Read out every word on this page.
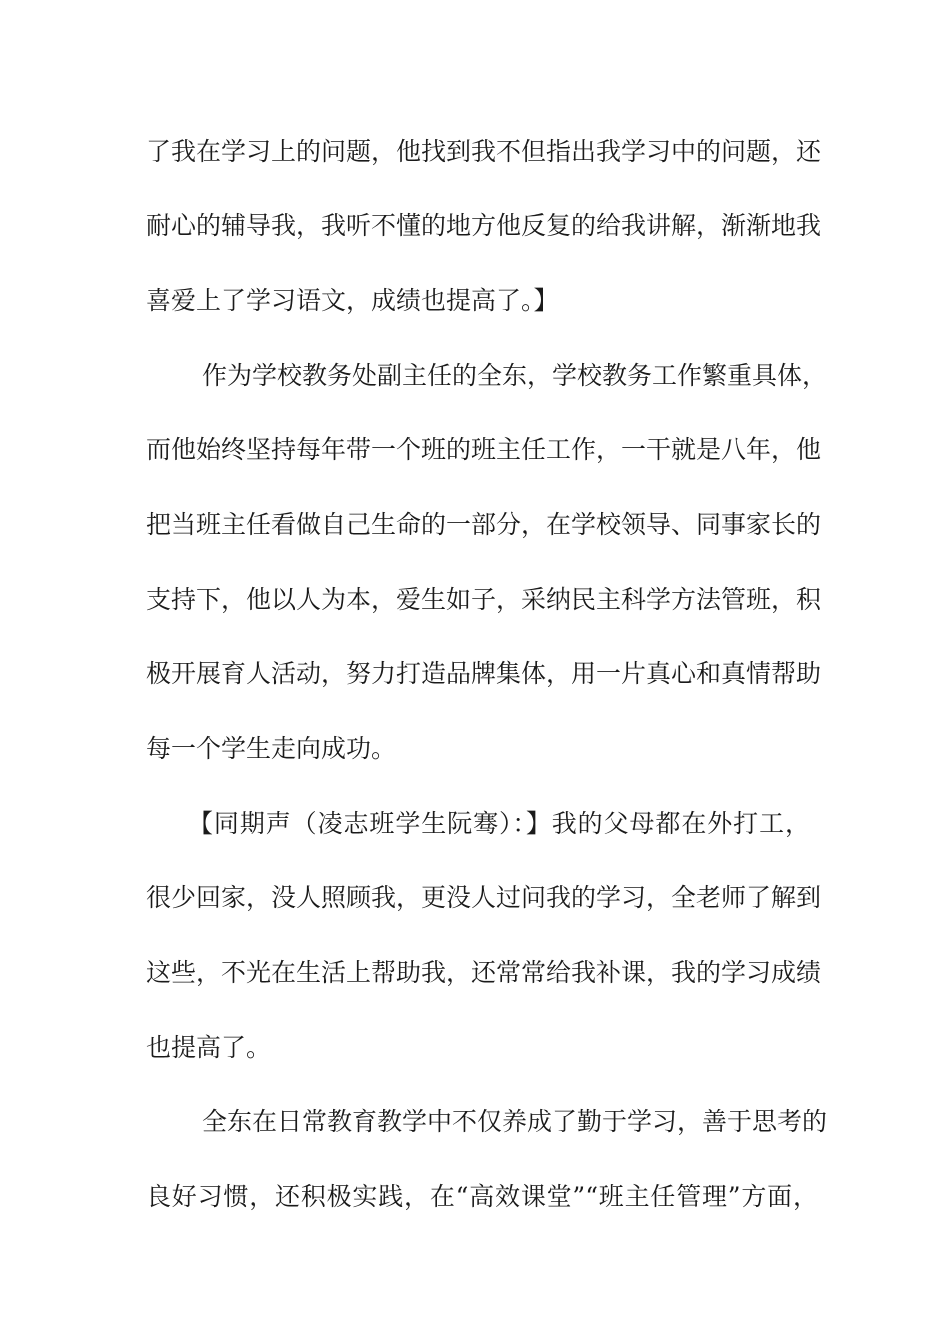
了我在学习上的问题，他找到我不但指出我学习中的问题，还
耐心的辅导我，我听不懂的地方他反复的给我讲解，渐渐地我
喜爱上了学习语文，成绩也提高了。】
作为学校教务处副主任的全东，学校教务工作繁重具体，
而他始终坚持每年带一个班的班主任工作，一干就是八年，他
把当班主任看做自己生命的一部分，在学校领导、同事家长的
支持下，他以人为本，爱生如子，采纳民主科学方法管班，积
极开展育人活动，努力打造品牌集体，用一片真心和真情帮助
每一个学生走向成功。
【同期声（凌志班学生阮骞）：】我的父母都在外打工，
很少回家，没人照顾我，更没人过问我的学习，全老师了解到
这些，不光在生活上帮助我，还常常给我补课，我的学习成绩
也提高了。
全东在日常教育教学中不仅养成了勤于学习，善于思考的
良好习惯，还积极实践，在“高效课堂”“班主任管理”方面，
